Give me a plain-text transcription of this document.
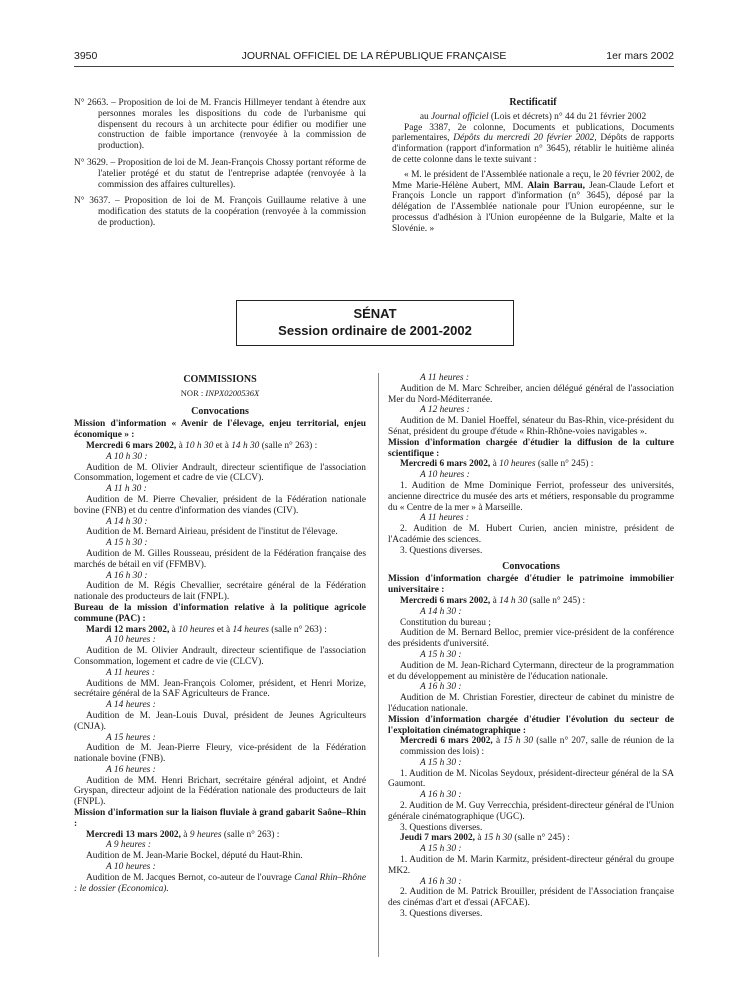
3950	JOURNAL OFFICIEL DE LA RÉPUBLIQUE FRANÇAISE	1er mars 2002

N° 2663. – Proposition de loi de M. Francis Hillmeyer tendant à étendre aux personnes morales les dispositions du code de l'urbanisme qui dispensent du recours à un architecte pour édifier ou modifier une construction de faible importance (renvoyée à la commission de production).

N° 3629. – Proposition de loi de M. Jean-François Chossy portant réforme de l'atelier protégé et du statut de l'entreprise adaptée (renvoyée à la commission des affaires culturelles).

N° 3637. – Proposition de loi de M. François Guillaume relative à une modification des statuts de la coopération (renvoyée à la commission de production).

Rectificatif

au Journal officiel (Lois et décrets) n° 44 du 21 février 2002

Page 3387, 2e colonne, Documents et publications, Documents parlementaires, Dépôts du mercredi 20 février 2002, Dépôts de rapports d'information (rapport d'information n° 3645), rétablir le huitième alinéa de cette colonne dans le texte suivant :

« M. le président de l'Assemblée nationale a reçu, le 20 février 2002, de Mme Marie-Hélène Aubert, MM. Alain Barrau, Jean-Claude Lefort et François Loncle un rapport d'information (n° 3645), déposé par la délégation de l'Assemblée nationale pour l'Union européenne, sur le processus d'adhésion à l'Union européenne de la Bulgarie, Malte et la Slovénie. »

SÉNAT
Session ordinaire de 2001-2002
COMMISSIONS
NOR : INPX0200536X
Convocations

Mission d'information « Avenir de l'élevage, enjeu territorial, enjeu économique » :

Mercredi 6 mars 2002, à 10 h 30 et à 14 h 30 (salle n° 263) :

A 10 h 30 :

Audition de M. Olivier Andrault, directeur scientifique de l'association Consommation, logement et cadre de vie (CLCV).

A 11 h 30 :

Audition de M. Pierre Chevalier, président de la Fédération nationale bovine (FNB) et du centre d'information des viandes (CIV).

A 14 h 30 :

Audition de M. Bernard Airieau, président de l'institut de l'élevage.

A 15 h 30 :

Audition de M. Gilles Rousseau, président de la Fédération française des marchés de bétail en vif (FFMBV).

A 16 h 30 :

Audition de M. Régis Chevallier, secrétaire général de la Fédération nationale des producteurs de lait (FNPL).

Bureau de la mission d'information relative à la politique agricole commune (PAC) :

Mardi 12 mars 2002, à 10 heures et à 14 heures (salle n° 263) :

A 10 heures :

Audition de M. Olivier Andrault, directeur scientifique de l'association Consommation, logement et cadre de vie (CLCV).

A 11 heures :

Auditions de MM. Jean-François Colomer, président, et Henri Morize, secrétaire général de la SAF Agriculteurs de France.

A 14 heures :

Audition de M. Jean-Louis Duval, président de Jeunes Agriculteurs (CNJA).

A 15 heures :

Audition de M. Jean-Pierre Fleury, vice-président de la Fédération nationale bovine (FNB).

A 16 heures :

Audition de MM. Henri Brichart, secrétaire général adjoint, et André Gryspan, directeur adjoint de la Fédération nationale des producteurs de lait (FNPL).

Mission d'information sur la liaison fluviale à grand gabarit Saône–Rhin :

Mercredi 13 mars 2002, à 9 heures (salle n° 263) :

A 9 heures :

Audition de M. Jean-Marie Bockel, député du Haut-Rhin.

A 10 heures :

Audition de M. Jacques Bernot, co-auteur de l'ouvrage Canal Rhin–Rhône : le dossier (Economica).

A 11 heures :

Audition de M. Marc Schreiber, ancien délégué général de l'association Mer du Nord-Méditerranée.

A 12 heures :

Audition de M. Daniel Hoeffel, sénateur du Bas-Rhin, vice-président du Sénat, président du groupe d'étude « Rhin-Rhône-voies navigables ».

Mission d'information chargée d'étudier la diffusion de la culture scientifique :

Mercredi 6 mars 2002, à 10 heures (salle n° 245) :

A 10 heures :

1. Audition de Mme Dominique Ferriot, professeur des universités, ancienne directrice du musée des arts et métiers, responsable du programme du « Centre de la mer » à Marseille.

A 11 heures :

2. Audition de M. Hubert Curien, ancien ministre, président de l'Académie des sciences.

3. Questions diverses.

Convocations

Mission d'information chargée d'étudier le patrimoine immobilier universitaire :

Mercredi 6 mars 2002, à 14 h 30 (salle n° 245) :

A 14 h 30 :

Constitution du bureau ;

Audition de M. Bernard Belloc, premier vice-président de la conférence des présidents d'université.

A 15 h 30 :

Audition de M. Jean-Richard Cytermann, directeur de la programmation et du développement au ministère de l'éducation nationale.

A 16 h 30 :

Audition de M. Christian Forestier, directeur de cabinet du ministre de l'éducation nationale.

Mission d'information chargée d'étudier l'évolution du secteur de l'exploitation cinématographique :

Mercredi 6 mars 2002, à 15 h 30 (salle n° 207, salle de réunion de la commission des lois) :

A 15 h 30 :

1. Audition de M. Nicolas Seydoux, président-directeur général de la SA Gaumont.

A 16 h 30 :

2. Audition de M. Guy Verrecchia, président-directeur général de l'Union générale cinématographique (UGC).

3. Questions diverses.

Jeudi 7 mars 2002, à 15 h 30 (salle n° 245) :

A 15 h 30 :

1. Audition de M. Marin Karmitz, président-directeur général du groupe MK2.

A 16 h 30 :

2. Audition de M. Patrick Brouiller, président de l'Association française des cinémas d'art et d'essai (AFCAE).

3. Questions diverses.
